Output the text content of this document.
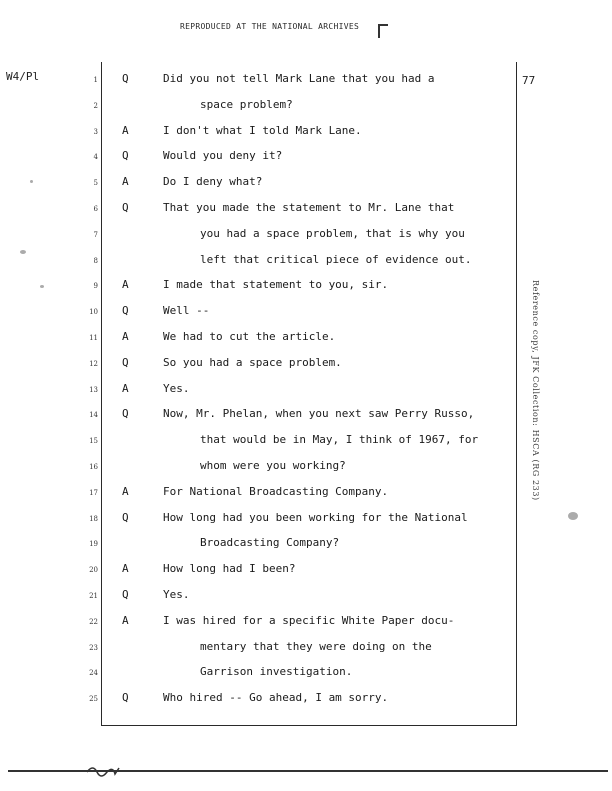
REPRODUCED AT THE NATIONAL ARCHIVES
W4/Pl	77
1 Q	Did you not tell Mark Lane that you had a
2	space problem?
3 A	I don't what I told Mark Lane.
4 Q	Would you deny it?
5 A	Do I deny what?
6 Q	That you made the statement to Mr. Lane that
7	you had a space problem, that is why you
8	left that critical piece of evidence out.
9 A	I made that statement to you, sir.
10 Q	Well --
11 A	We had to cut the article.
12 Q	So you had a space problem.
13 A	Yes.
14 Q	Now, Mr. Phelan, when you next saw Perry Russo,
15	that would be in May, I think of 1967, for
16	whom were you working?
17 A	For National Broadcasting Company.
18 Q	How long had you been working for the National
19	Broadcasting Company?
20 A	How long had I been?
21 Q	Yes.
22 A	I was hired for a specific White Paper docu-
23	mentary that they were doing on the
24	Garrison investigation.
25 Q	Who hired -- Go ahead, I am sorry.
Reference copy, JFK Collection: HSCA (RG 233)
